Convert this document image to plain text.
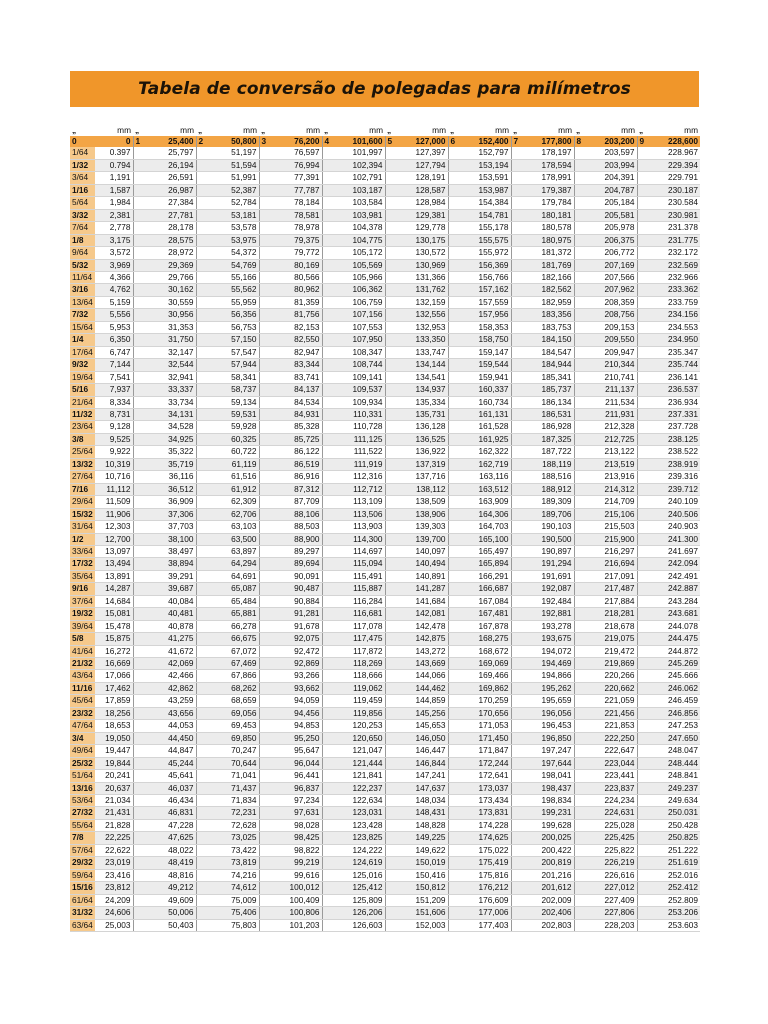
Tabela de conversão de polegadas para milímetros
„	mm	„	mm	„	mm	„	mm	„	mm	„	mm	„	mm	„	mm	„	mm	„	mm
0	0	1	25,400	2	50,800	3	76,200	4	101,600	5	127,000	6	152,400	7	177,800	8	203,200	9	228,600
1/64	0.397		25,797		51,197		76,597		101,997		127,397		152,797		178,197		203,597		228.967
1/32	0.794		26,194		51,594		76,994		102,394		127,794		153,194		178,594		203,994		229.394
3/64	1,191		26,591		51,991		77,391		102,791		128,191		153,591		178,991		204,391		229.791
1/16	1,587		26,987		52,387		77,787		103,187		128,587		153,987		179,387		204,787		230.187
5/64	1,984		27,384		52,784		78,184		103,584		128,984		154,384		179,784		205,184		230.584
3/32	2,381		27,781		53,181		78,581		103,981		129,381		154,781		180,181		205,581		230.981
7/64	2,778		28,178		53,578		78,978		104,378		129,778		155,178		180,578		205,978		231.378
1/8	3,175		28,575		53,975		79,375		104,775		130,175		155,575		180,975		206,375		231.775
9/64	3,572		28,972		54,372		79,772		105,172		130,572		155,972		181,372		206,772		232.172
5/32	3,969		29,369		54,769		80,169		105,569		130,969		156,369		181,769		207,169		232.569
11/64	4,366		29,766		55,166		80,566		105,966		131,366		156,766		182,166		207,566		232.966
3/16	4,762		30,162		55,562		80,962		106,362		131,762		157,162		182,562		207,962		233.362
13/64	5,159		30,559		55,959		81,359		106,759		132,159		157,559		182,959		208,359		233.759
7/32	5,556		30,956		56,356		81,756		107,156		132,556		157,956		183,356		208,756		234.156
15/64	5,953		31,353		56,753		82,153		107,553		132,953		158,353		183,753		209,153		234.553
1/4	6,350		31,750		57,150		82,550		107,950		133,350		158,750		184,150		209,550		234.950
17/64	6,747		32,147		57,547		82,947		108,347		133,747		159,147		184,547		209,947		235.347
9/32	7,144		32,544		57,944		83,344		108,744		134,144		159,544		184,944		210,344		235.744
19/64	7,541		32,941		58,341		83,741		109,141		134,541		159,941		185,341		210,741		236.141
5/16	7,937		33,337		58,737		84,137		109,537		134,937		160,337		185,737		211,137		236.537
21/64	8,334		33,734		59,134		84,534		109,934		135,334		160,734		186,134		211,534		236.934
11/32	8,731		34,131		59,531		84,931		110,331		135,731		161,131		186,531		211,931		237.331
23/64	9,128		34,528		59,928		85,328		110,728		136,128		161,528		186,928		212,328		237.728
3/8	9,525		34,925		60,325		85,725		111,125		136,525		161,925		187,325		212,725		238.125
25/64	9,922		35,322		60,722		86,122		111,522		136,922		162,322		187,722		213,122		238.522
13/32	10,319		35,719		61,119		86,519		111,919		137,319		162,719		188,119		213,519		238.919
27/64	10,716		36,116		61,516		86,916		112,316		137,716		163,116		188,516		213,916		239.316
7/16	11,112		36,512		61,912		87,312		112,712		138,112		163,512		188,912		214,312		239.712
29/64	11,509		36,909		62,309		87,709		113,109		138,509		163,909		189,309		214,709		240.109
15/32	11,906		37,306		62,706		88,106		113,506		138,906		164,306		189,706		215,106		240.506
31/64	12,303		37,703		63,103		88,503		113,903		139,303		164,703		190,103		215,503		240.903
1/2	12,700		38,100		63,500		88,900		114,300		139,700		165,100		190,500		215,900		241.300
33/64	13,097		38,497		63,897		89,297		114,697		140,097		165,497		190,897		216,297		241.697
17/32	13,494		38,894		64,294		89,694		115,094		140,494		165,894		191,294		216,694		242.094
35/64	13,891		39,291		64,691		90,091		115,491		140,891		166,291		191,691		217,091		242.491
9/16	14,287		39,687		65,087		90,487		115,887		141,287		166,687		192,087		217,487		242.887
37/64	14,684		40,084		65,484		90,884		116,284		141,684		167,084		192,484		217,884		243.284
19/32	15,081		40,481		65,881		91,281		116,681		142,081		167,481		192,881		218,281		243.681
39/64	15,478		40,878		66,278		91,678		117,078		142,478		167,878		193,278		218,678		244.078
5/8	15,875		41,275		66,675		92,075		117,475		142,875		168,275		193,675		219,075		244.475
41/64	16,272		41,672		67,072		92,472		117,872		143,272		168,672		194,072		219,472		244.872
21/32	16,669		42,069		67,469		92,869		118,269		143,669		169,069		194,469		219,869		245.269
43/64	17,066		42,466		67,866		93,266		118,666		144,066		169,466		194,866		220,266		245.666
11/16	17,462		42,862		68,262		93,662		119,062		144,462		169,862		195,262		220,662		246.062
45/64	17,859		43,259		68,659		94,059		119,459		144,859		170,259		195,659		221,059		246.459
23/32	18,256		43,656		69,056		94,456		119,856		145,256		170,656		196,056		221,456		246.856
47/64	18,653		44,053		69,453		94,853		120,253		145,653		171,053		196,453		221,853		247.253
3/4	19,050		44,450		69,850		95,250		120,650		146,050		171,450		196,850		222,250		247.650
49/64	19,447		44,847		70,247		95,647		121,047		146,447		171,847		197,247		222,647		248.047
25/32	19,844		45,244		70,644		96,044		121,444		146,844		172,244		197,644		223,044		248.444
51/64	20,241		45,641		71,041		96,441		121,841		147,241		172,641		198,041		223,441		248.841
13/16	20,637		46,037		71,437		96,837		122,237		147,637		173,037		198,437		223,837		249.237
53/64	21,034		46,434		71,834		97,234		122,634		148,034		173,434		198,834		224,234		249.634
27/32	21,431		46,831		72,231		97,631		123,031		148,431		173,831		199,231		224,631		250.031
55/64	21,828		47,228		72,628		98,028		123,428		148,828		174,228		199,628		225,028		250.428
7/8	22,225		47,625		73,025		98,425		123,825		149,225		174,625		200,025		225,425		250.825
57/64	22,622		48,022		73,422		98,822		124,222		149,622		175,022		200,422		225,822		251.222
29/32	23,019		48,419		73,819		99,219		124,619		150,019		175,419		200,819		226,219		251.619
59/64	23,416		48,816		74,216		99,616		125,016		150,416		175,816		201,216		226,616		252.016
15/16	23,812		49,212		74,612		100,012		125,412		150,812		176,212		201,612		227,012		252.412
61/64	24,209		49,609		75,009		100,409		125,809		151,209		176,609		202,009		227,409		252.809
31/32	24,606		50,006		75,406		100,806		126,206		151,606		177,006		202,406		227,806		253.206
63/64	25,003		50,403		75,803		101,203		126,603		152,003		177,403		202,803		228,203		253.603
